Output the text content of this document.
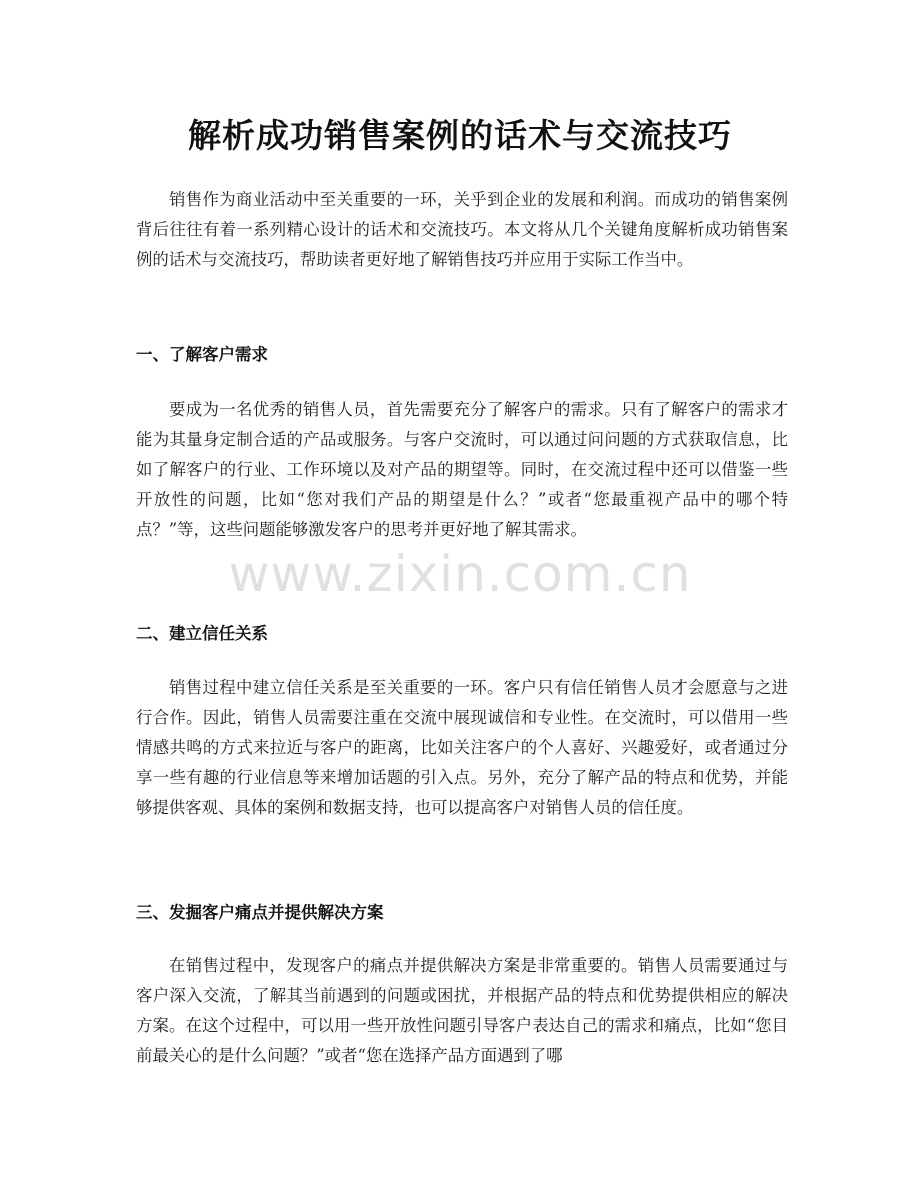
解析成功销售案例的话术与交流技巧

销售作为商业活动中至关重要的一环，关乎到企业的发展和利润。而成功的销售案例背后往往有着一系列精心设计的话术和交流技巧。本文将从几个关键角度解析成功销售案例的话术与交流技巧，帮助读者更好地了解销售技巧并应用于实际工作当中。

一、了解客户需求

要成为一名优秀的销售人员，首先需要充分了解客户的需求。只有了解客户的需求才能为其量身定制合适的产品或服务。与客户交流时，可以通过问问题的方式获取信息，比如了解客户的行业、工作环境以及对产品的期望等。同时，在交流过程中还可以借鉴一些开放性的问题，比如“您对我们产品的期望是什么？”或者“您最重视产品中的哪个特点？”等，这些问题能够激发客户的思考并更好地了解其需求。

二、建立信任关系

销售过程中建立信任关系是至关重要的一环。客户只有信任销售人员才会愿意与之进行合作。因此，销售人员需要注重在交流中展现诚信和专业性。在交流时，可以借用一些情感共鸣的方式来拉近与客户的距离，比如关注客户的个人喜好、兴趣爱好，或者通过分享一些有趣的行业信息等来增加话题的引入点。另外，充分了解产品的特点和优势，并能够提供客观、具体的案例和数据支持，也可以提高客户对销售人员的信任度。

三、发掘客户痛点并提供解决方案

在销售过程中，发现客户的痛点并提供解决方案是非常重要的。销售人员需要通过与客户深入交流，了解其当前遇到的问题或困扰，并根据产品的特点和优势提供相应的解决方案。在这个过程中，可以用一些开放性问题引导客户表达自己的需求和痛点，比如“您目前最关心的是什么问题？”或者“您在选择产品方面遇到了哪

www.zixin.com.cn
